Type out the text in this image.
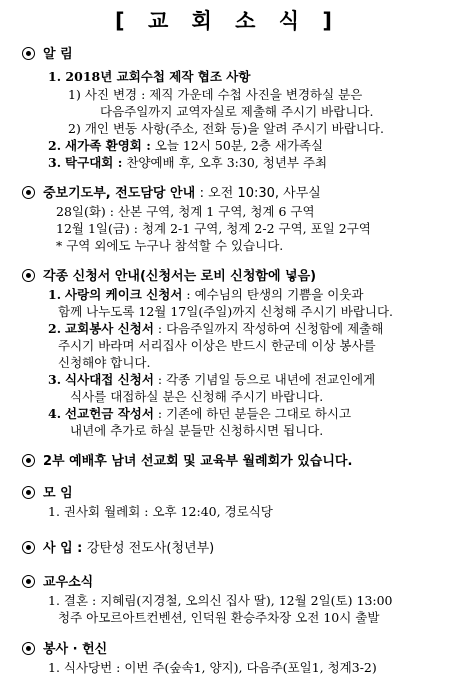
[ 교 회 소 식 ]
알 림
1. 2018년 교회수첩 제작 협조 사항
1) 사진 변경 : 제직 가운데 수첩 사진을 변경하실 분은
다음주일까지 교역자실로 제출해 주시기 바랍니다.
2) 개인 변동 사항(주소, 전화 등)을 알려 주시기 바랍니다.
2. 새가족 환영회 : 오늘 12시 50분, 2층 새가족실
3. 탁구대회 : 찬양예배 후, 오후 3:30, 청년부 주최
중보기도부, 전도담당 안내 : 오전 10:30, 사무실
28일(화) : 산본 구역, 청계 1 구역, 청계 6 구역
12월 1일(금) : 청계 2-1 구역, 청계 2-2 구역, 포일 2구역
* 구역 외에도 누구나 참석할 수 있습니다.
각종 신청서 안내(신청서는 로비 신청함에 넣음)
1. 사랑의 케이크 신청서 : 예수님의 탄생의 기쁨을 이웃과
함께 나누도록 12월 17일(주일)까지 신청해 주시기 바랍니다.
2. 교회봉사 신청서 : 다음주일까지 작성하여 신청함에 제출해
주시기 바라며 서리집사 이상은 반드시 한군데 이상 봉사를
신청해야 합니다.
3. 식사대접 신청서 : 각종 기념일 등으로 내년에 전교인에게
식사를 대접하실 분은 신청해 주시기 바랍니다.
4. 선교헌금 작성서 : 기존에 하던 분들은 그대로 하시고
내년에 추가로 하실 분들만 신청하시면 됩니다.
2부 예배후 남녀 선교회 및 교육부 월례회가 있습니다.
모 임
1. 권사회 월례회 : 오후 12:40, 경로식당
사 입 : 강탄성 전도사(청년부)
교우소식
1. 결혼 : 지혜림(지경철, 오의신 집사 딸), 12월 2일(토) 13:00
청주 아모르아트컨벤션, 인덕원 환승주차장 오전 10시 출발
봉사 · 헌신
1. 식사당번 : 이번 주(숲속1, 양지), 다음주(포일1, 청계3-2)
